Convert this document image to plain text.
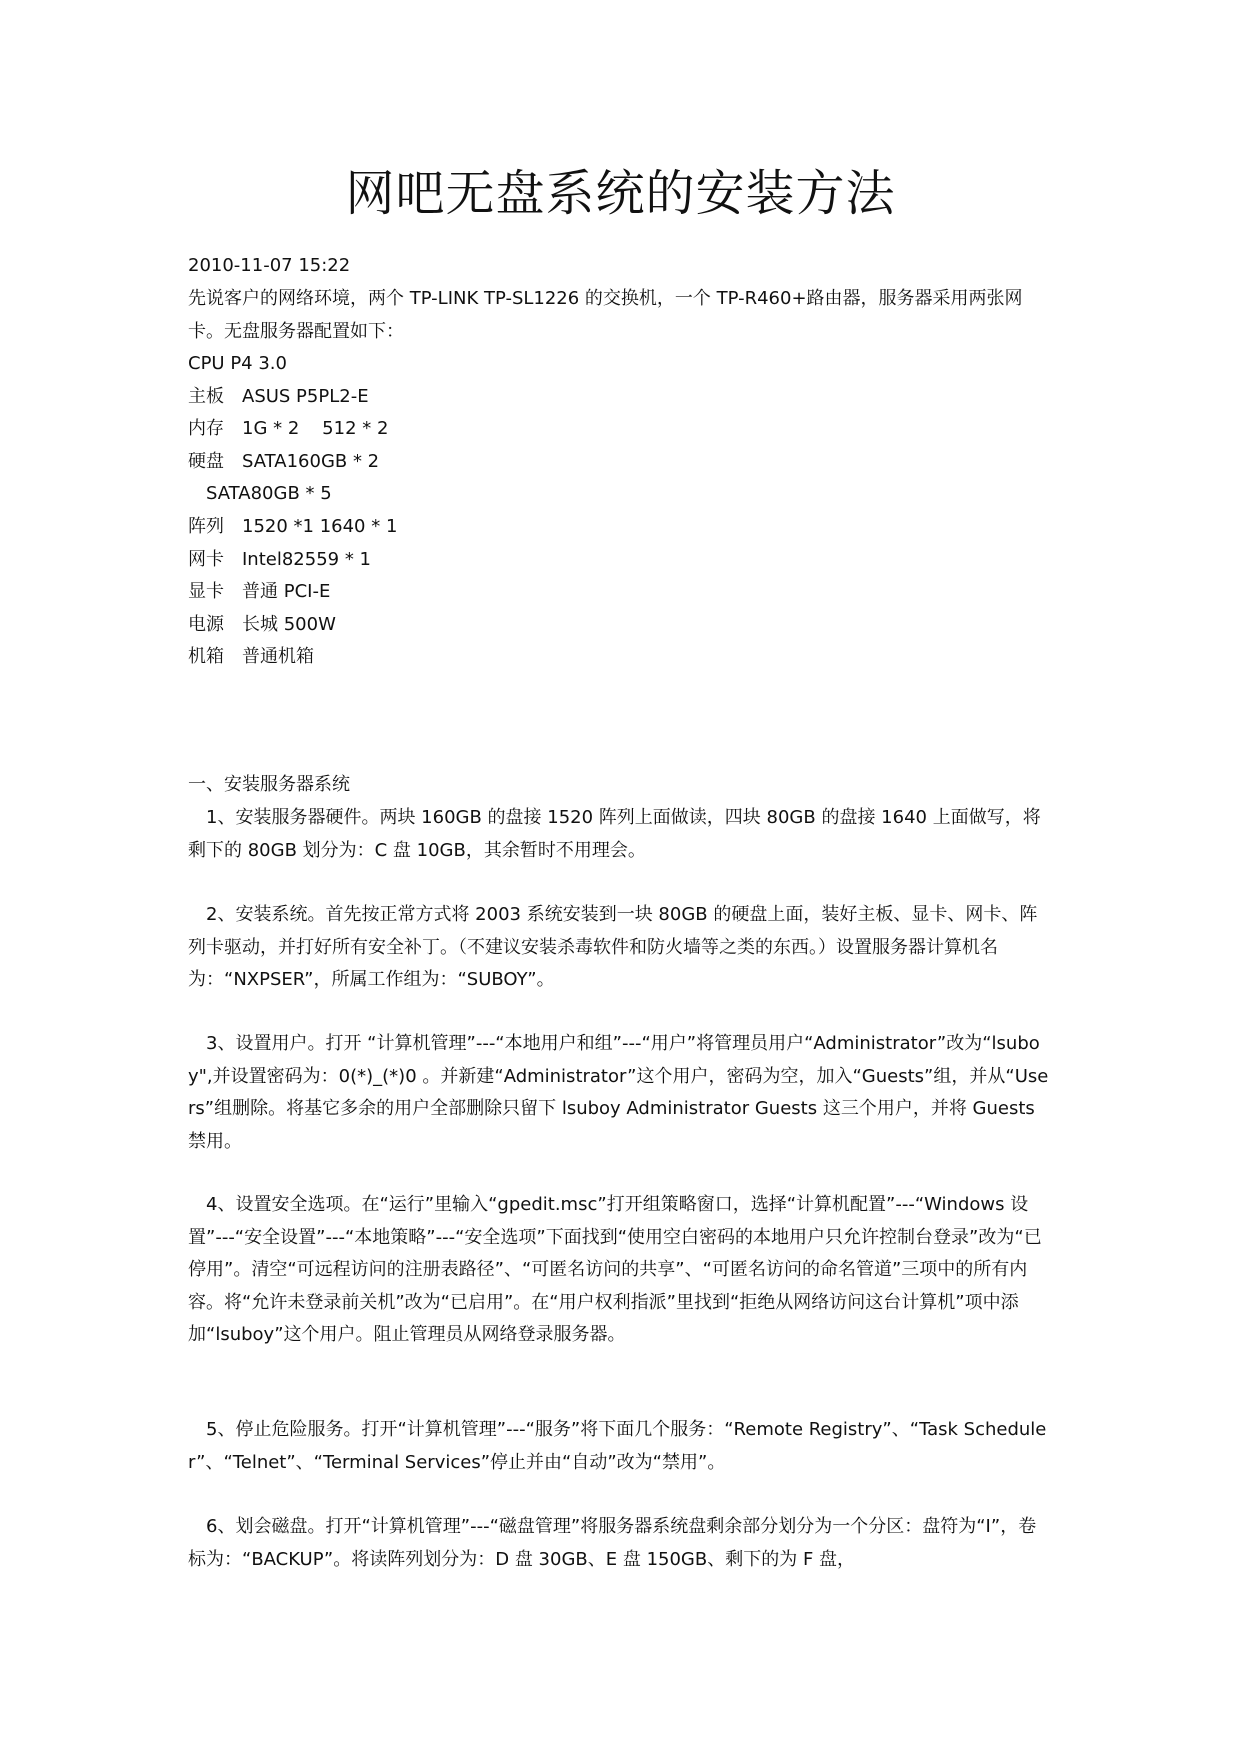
网吧无盘系统的安装方法

2010-11-07 15:22

先说客户的网络环境，两个 TP-LINK TP-SL1226 的交换机，一个 TP-R460+路由器，服务器采用两张网卡。无盘服务器配置如下：

CPU P4 3.0
主板 ASUS P5PL2-E
内存 1G * 2    512 * 2
硬盘 SATA160GB * 2
SATA80GB * 5
阵列 1520 *1 1640 * 1
网卡 Intel82559 * 1
显卡 普通 PCI-E
电源 长城 500W
机箱 普通机箱

一、安装服务器系统

1、安装服务器硬件。两块 160GB 的盘接 1520 阵列上面做读，四块 80GB 的盘接 1640 上面做写，将剩下的 80GB 划分为：C 盘 10GB，其余暂时不用理会。

2、安装系统。首先按正常方式将 2003 系统安装到一块 80GB 的硬盘上面，装好主板、显卡、网卡、阵列卡驱动，并打好所有安全补丁。（不建议安装杀毒软件和防火墙等之类的东西。）设置服务器计算机名为：“NXPSER”，所属工作组为：“SUBOY”。

3、设置用户。打开 “计算机管理”---“本地用户和组”---“用户”将管理员用户“Administrator”改为“lsuboy",并设置密码为：0(*)_(*)0 。并新建“Administrator”这个用户，密码为空，加入“Guests”组，并从“Users”组删除。将基它多余的用户全部删除只留下 lsuboy Administrator Guests 这三个用户，并将 Guests 禁用。

4、设置安全选项。在“运行”里输入“gpedit.msc”打开组策略窗口，选择“计算机配置”---“Windows 设置”---“安全设置”---“本地策略”---“安全选项”下面找到“使用空白密码的本地用户只允许控制台登录”改为“已停用”。清空“可远程访问的注册表路径”、“可匿名访问的共享”、“可匿名访问的命名管道”三项中的所有内容。将“允许未登录前关机”改为“已启用”。在“用户权利指派”里找到“拒绝从网络访问这台计算机”项中添加“lsuboy”这个用户。阻止管理员从网络登录服务器。

5、停止危险服务。打开“计算机管理”---“服务”将下面几个服务：“Remote Registry”、“Task Scheduler”、“Telnet”、“Terminal Services”停止并由“自动”改为“禁用”。

6、划会磁盘。打开“计算机管理”---“磁盘管理”将服务器系统盘剩余部分划分为一个分区：盘符为“I”，卷标为：“BACKUP”。将读阵列划分为：D 盘 30GB、E 盘 150GB、剩下的为 F 盘，
